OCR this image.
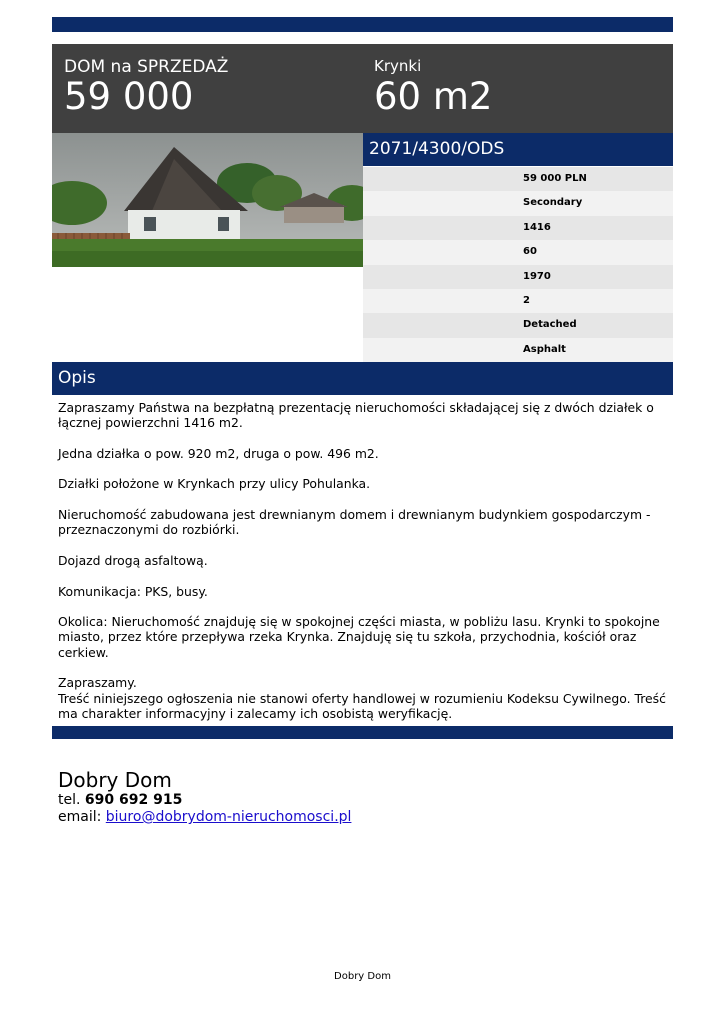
DOM na SPRZEDAŻ
59 000
Krynki
60 m2
2071/4300/ODS
59 000 PLN
Secondary
1416
60
1970
2
Detached
Asphalt
Opis

Zapraszamy Państwa na bezpłatną prezentację nieruchomości składającej się z dwóch działek o łącznej powierzchni 1416 m2.

Jedna działka o pow. 920 m2, druga o pow. 496 m2.

Działki położone w Krynkach przy ulicy Pohulanka.

Nieruchomość zabudowana jest drewnianym domem i drewnianym budynkiem gospodarczym - przeznaczonymi do rozbiórki.

Dojazd drogą asfaltową.

Komunikacja: PKS, busy.

Okolica: Nieruchomość znajduję się w spokojnej części miasta, w pobliżu lasu. Krynki to spokojne miasto, przez które przepływa rzeka Krynka. Znajduję się tu szkoła, przychodnia, kościół oraz cerkiew.

Zapraszamy.
Treść niniejszego ogłoszenia nie stanowi oferty handlowej w rozumieniu Kodeksu Cywilnego. Treść ma charakter informacyjny i zalecamy ich osobistą weryfikację.

Dobry Dom
tel. 690 692 915
email: biuro@dobrydom-nieruchomosci.pl
Dobry Dom
